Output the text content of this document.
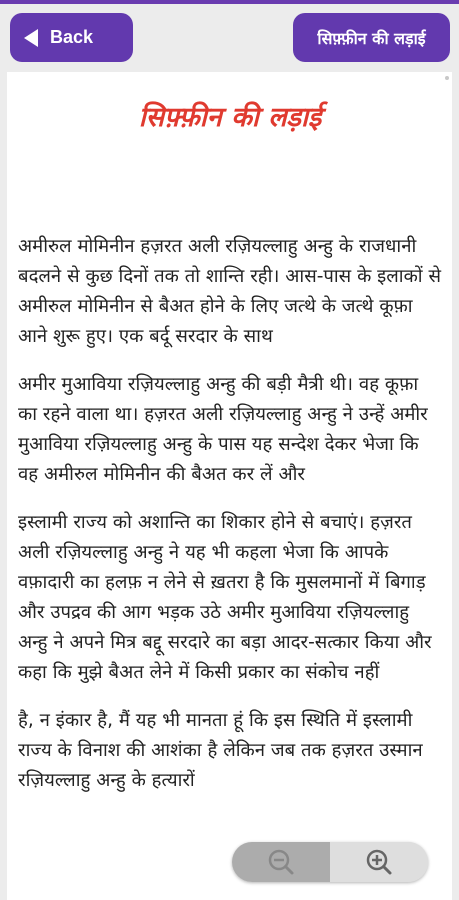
Back	सिफ़्फ़ीन की लड़ाई
सिफ़्फ़ीन की लड़ाई

अमीरुल मोमिनीन हज़रत अली रज़ियल्लाहु अन्हु के राजधानी बदलने से कुछ दिनों तक तो शान्ति रही। आस-पास के इलाकों से अमीरुल मोमिनीन से बैअत होने के लिए जत्थे के जत्थे कूफ़ा आने शुरू हुए। एक बर्दू सरदार के साथ

अमीर मुआविया रज़ियल्लाहु अन्हु की बड़ी मैत्री थी। वह कूफ़ा का रहने वाला था। हज़रत अली रज़ियल्लाहु अन्हु ने उन्हें अमीर मुआविया रज़ियल्लाहु अन्हु के पास यह सन्देश देकर भेजा कि वह अमीरुल मोमिनीन की बैअत कर लें और

इस्लामी राज्य को अशान्ति का शिकार होने से बचाएं। हज़रत अली रज़ियल्लाहु अन्हु ने यह भी कहला भेजा कि आपके वफ़ादारी का हलफ़ न लेने से ख़तरा है कि मुसलमानों में बिगाड़ और उपद्रव की आग भड़क उठे अमीर मुआविया रज़ियल्लाहु अन्हु ने अपने मित्र बद्दू सरदारे का बड़ा आदर-सत्कार किया और कहा कि मुझे बैअत लेने में किसी प्रकार का संकोच नहीं

है, न इंकार है, मैं यह भी मानता हूं कि इस स्थिति में इस्लामी राज्य के विनाश की आशंका है लेकिन जब तक हज़रत उस्मान रज़ियल्लाहु अन्हु के हत्यारों
